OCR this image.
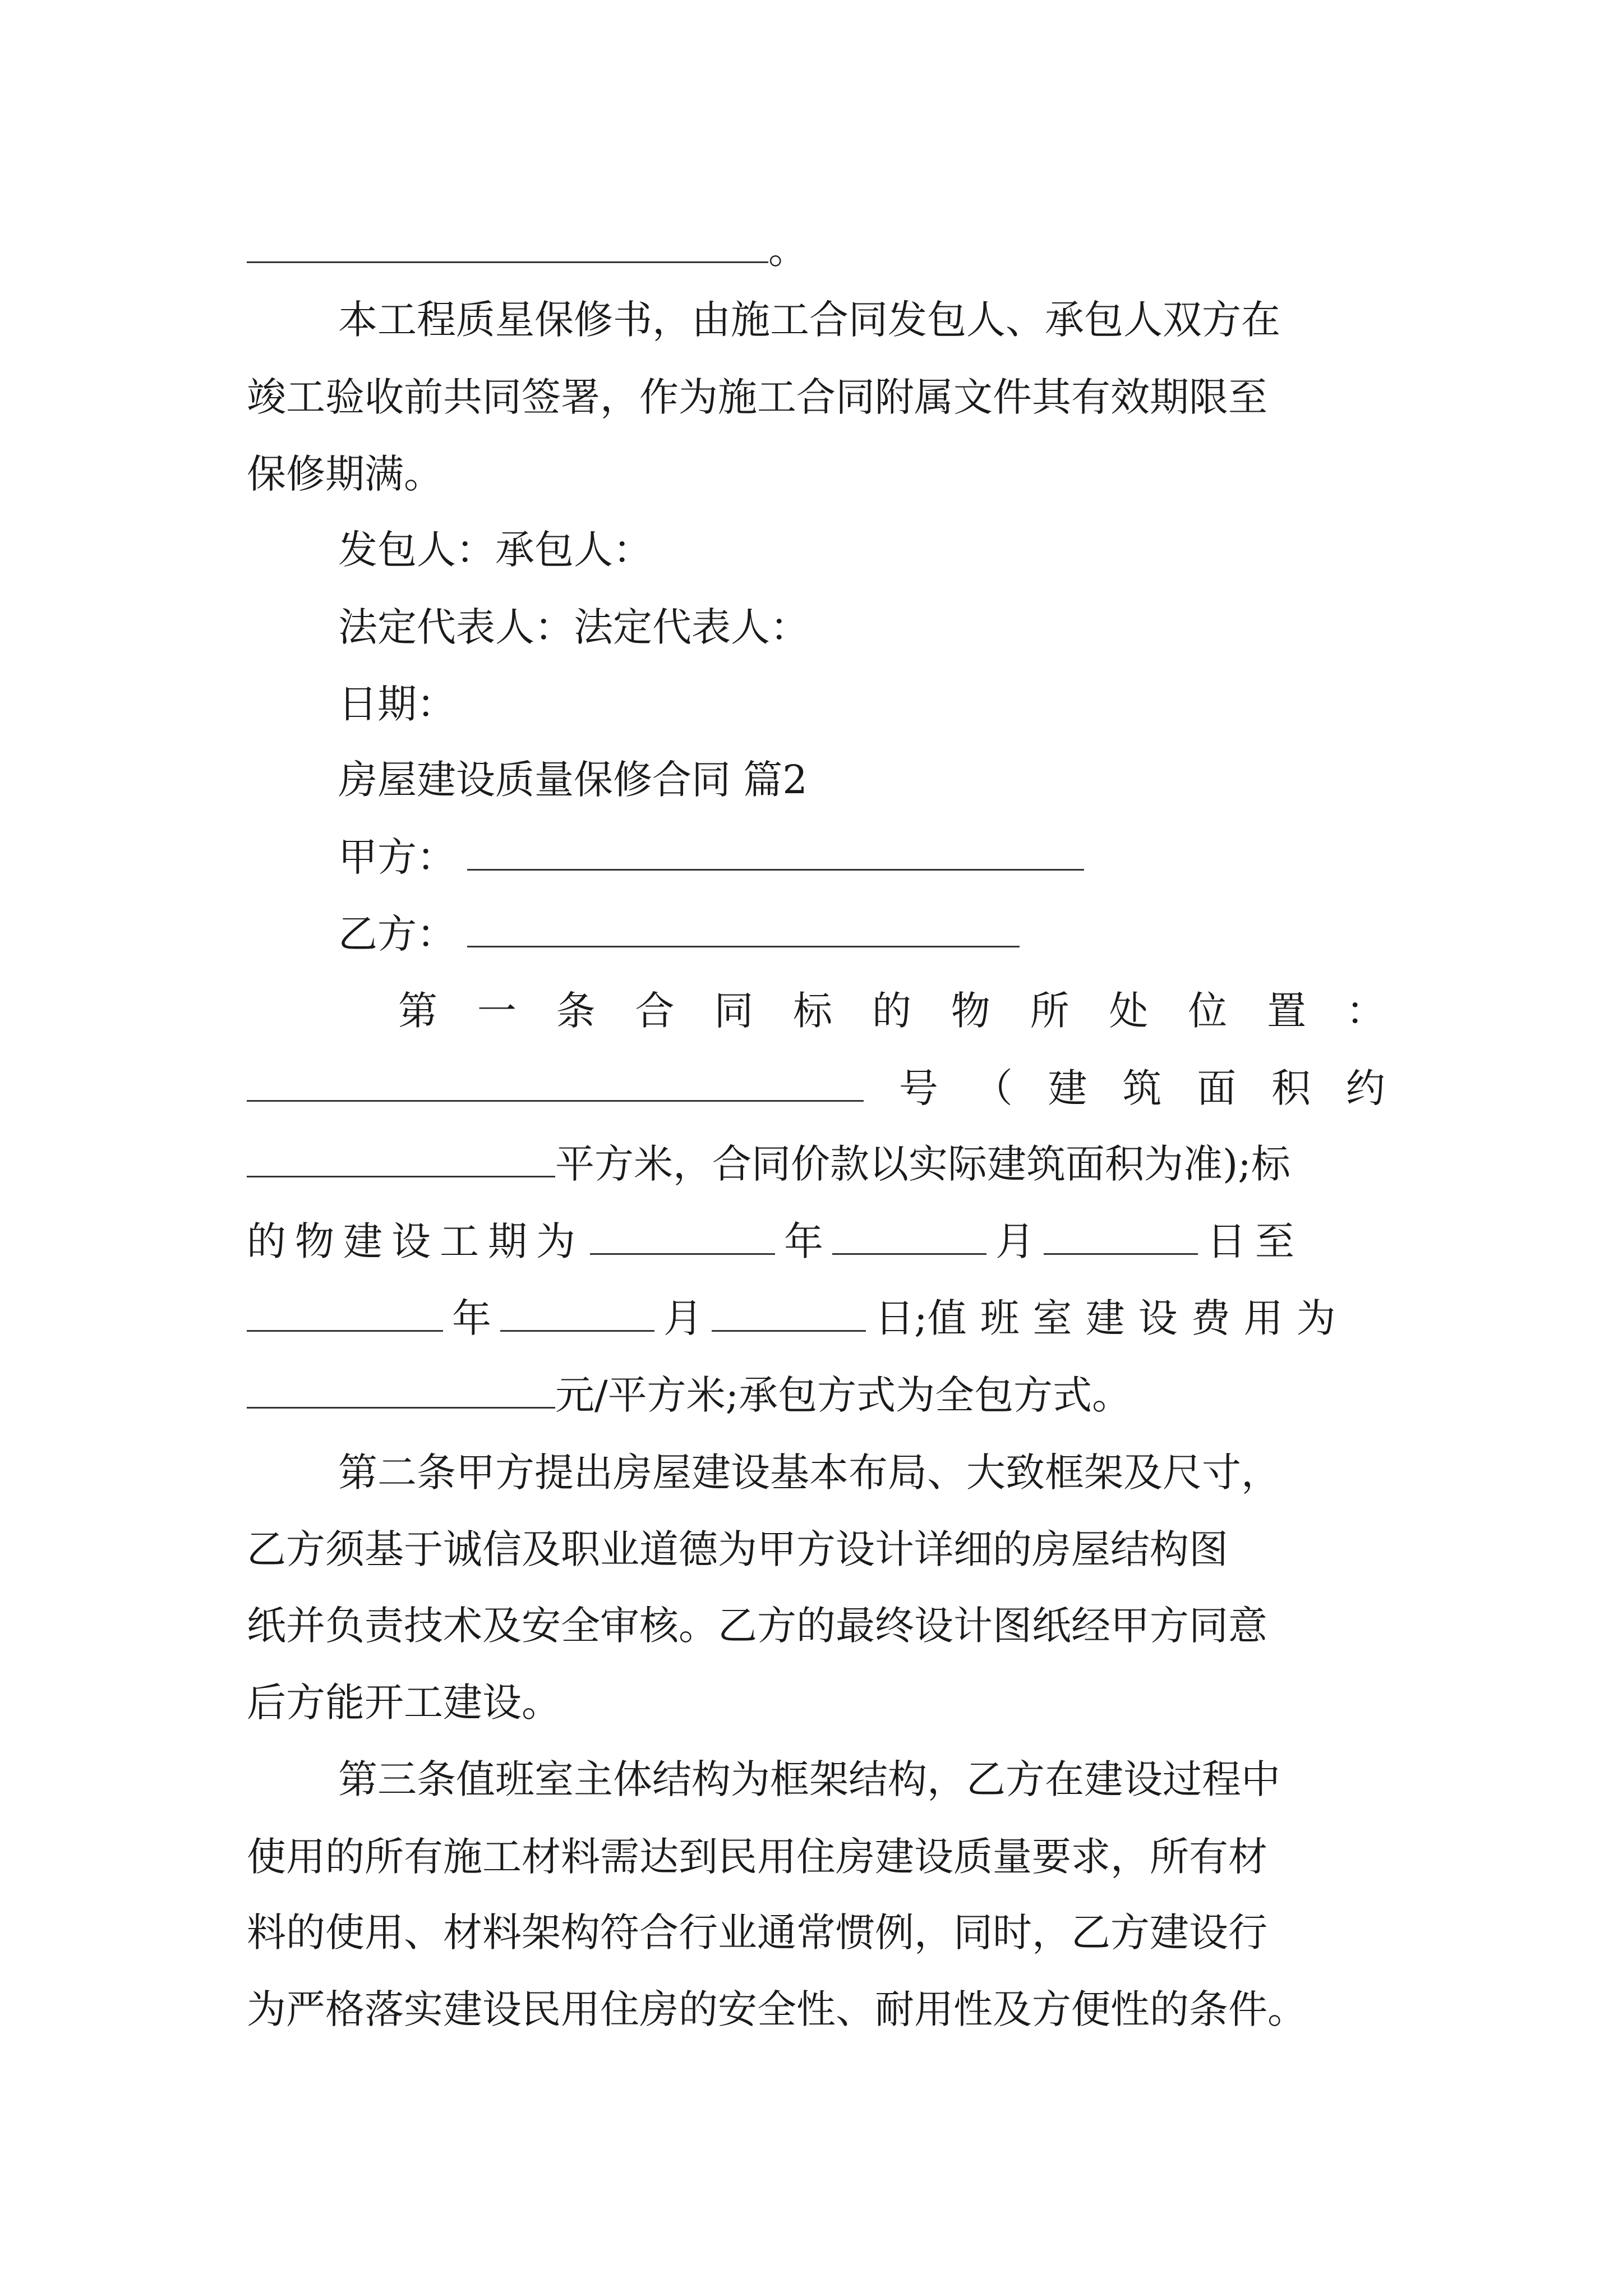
。
本工程质星保修书，由施工合同发包人、承包人双方在
竣工验收前共同签署，作为施工合同附属文件其有效期限至
保修期满。
发包人：承包人：
法定代表人：法定代表人：
日期：
房屋建设质量保修合同 篇2
甲方：
乙方：
第 一 条 合 同 标 的 物 所 处 位 置 ：
号 （ 建 筑 面 积 约
平方米，合同价款以实际建筑面积为准);标
的物建设工期为	年	月	日至
年	月	日;值班室建设费用为
元/平方米;承包方式为全包方式。
第二条甲方提出房屋建设基本布局、大致框架及尺寸，
乙方须基于诚信及职业道德为甲方设计详细的房屋结构图
纸并负责技术及安全审核。乙方的最终设计图纸经甲方同意
后方能开工建设。
第三条值班室主体结构为框架结构，乙方在建设过程中
使用的所有施工材料需达到民用住房建设质量要求，所有材
料的使用、材料架构符合行业通常惯例，同时，乙方建设行
为严格落实建设民用住房的安全性、耐用性及方便性的条件。
